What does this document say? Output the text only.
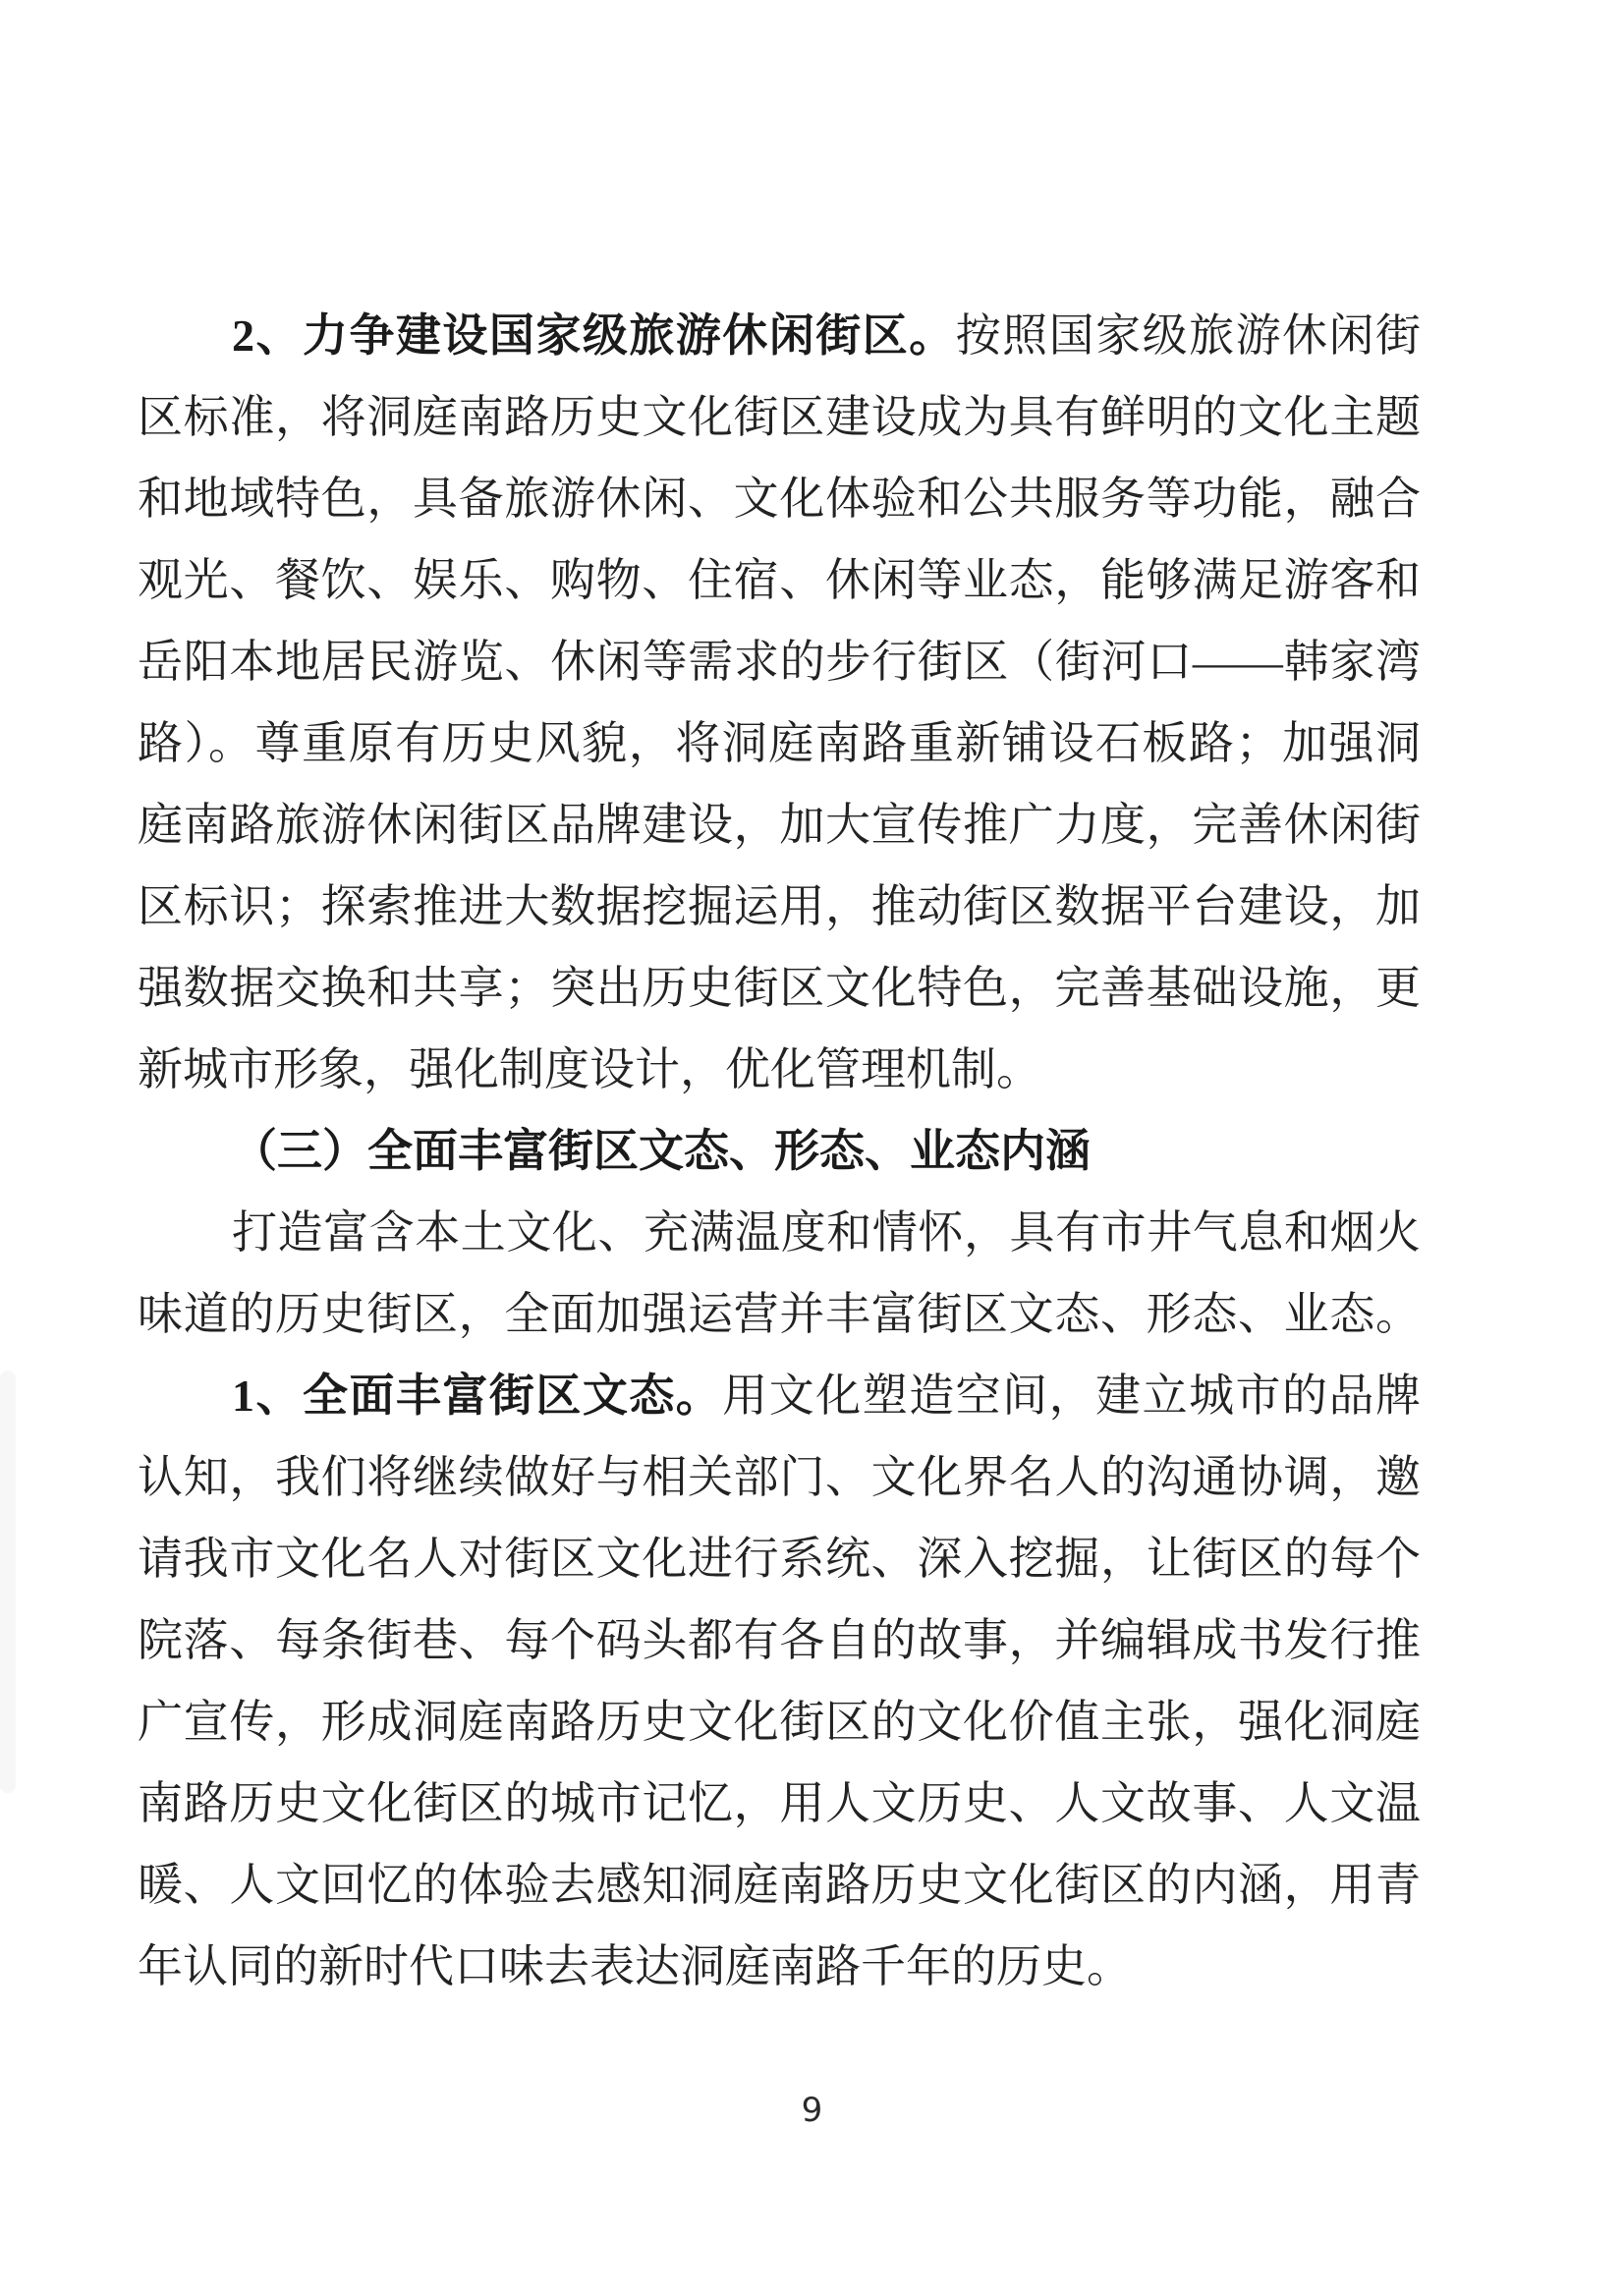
2、力争建设国家级旅游休闲街区。按照国家级旅游休闲街
区标准，将洞庭南路历史文化街区建设成为具有鲜明的文化主题
和地域特色，具备旅游休闲、文化体验和公共服务等功能，融合
观光、餐饮、娱乐、购物、住宿、休闲等业态，能够满足游客和
岳阳本地居民游览、休闲等需求的步行街区（街河口——韩家湾
路）。尊重原有历史风貌，将洞庭南路重新铺设石板路；加强洞
庭南路旅游休闲街区品牌建设，加大宣传推广力度，完善休闲街
区标识；探索推进大数据挖掘运用，推动街区数据平台建设，加
强数据交换和共享；突出历史街区文化特色，完善基础设施，更
新城市形象，强化制度设计，优化管理机制。
（三）全面丰富街区文态、形态、业态内涵
打造富含本土文化、充满温度和情怀，具有市井气息和烟火
味道的历史街区，全面加强运营并丰富街区文态、形态、业态。
1、全面丰富街区文态。用文化塑造空间，建立城市的品牌
认知，我们将继续做好与相关部门、文化界名人的沟通协调，邀
请我市文化名人对街区文化进行系统、深入挖掘，让街区的每个
院落、每条街巷、每个码头都有各自的故事，并编辑成书发行推
广宣传，形成洞庭南路历史文化街区的文化价值主张，强化洞庭
南路历史文化街区的城市记忆，用人文历史、人文故事、人文温
暖、人文回忆的体验去感知洞庭南路历史文化街区的内涵，用青
年认同的新时代口味去表达洞庭南路千年的历史。
9
